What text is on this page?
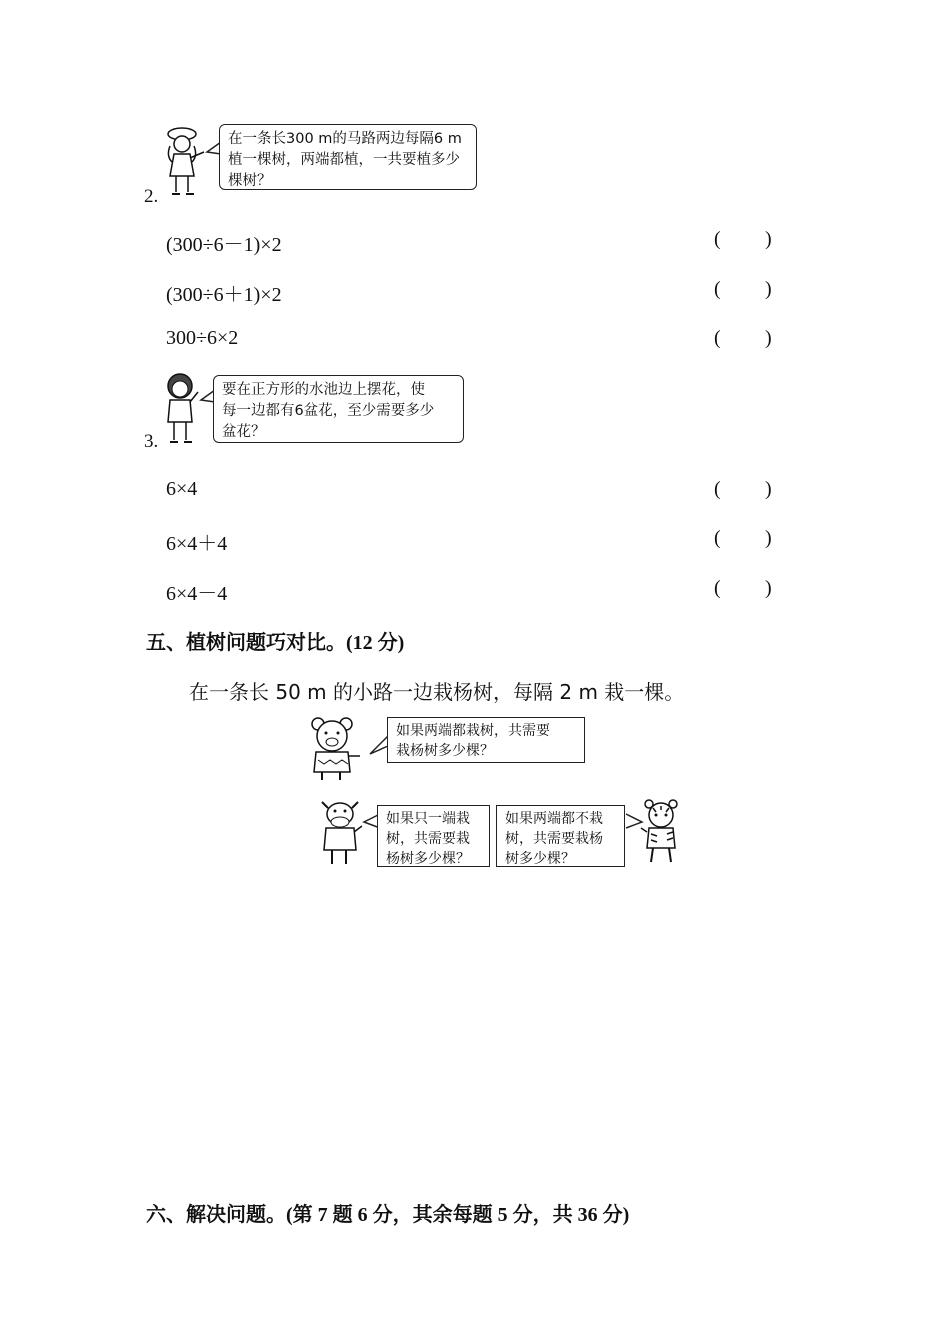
2.
在一条长300 m的马路两边每隔6 m
植一棵树，两端都植，一共要植多少
棵树？
(300÷6－1)×2	( )
(300÷6＋1)×2	( )
300÷6×2	( )
3.
要在正方形的水池边上摆花，使
每一边都有6盆花，至少需要多少
盆花？
6×4	( )
6×4＋4	( )
6×4－4	( )
五、植树问题巧对比。(12 分)
在一条长 50 m 的小路一边栽杨树，每隔 2 m 栽一棵。
如果两端都栽树，共需要
栽杨树多少棵？
如果只一端栽
树，共需要栽
杨树多少棵？
如果两端都不栽
树，共需要栽杨
树多少棵？
六、解决问题。(第 7 题 6 分，其余每题 5 分，共 36 分)
